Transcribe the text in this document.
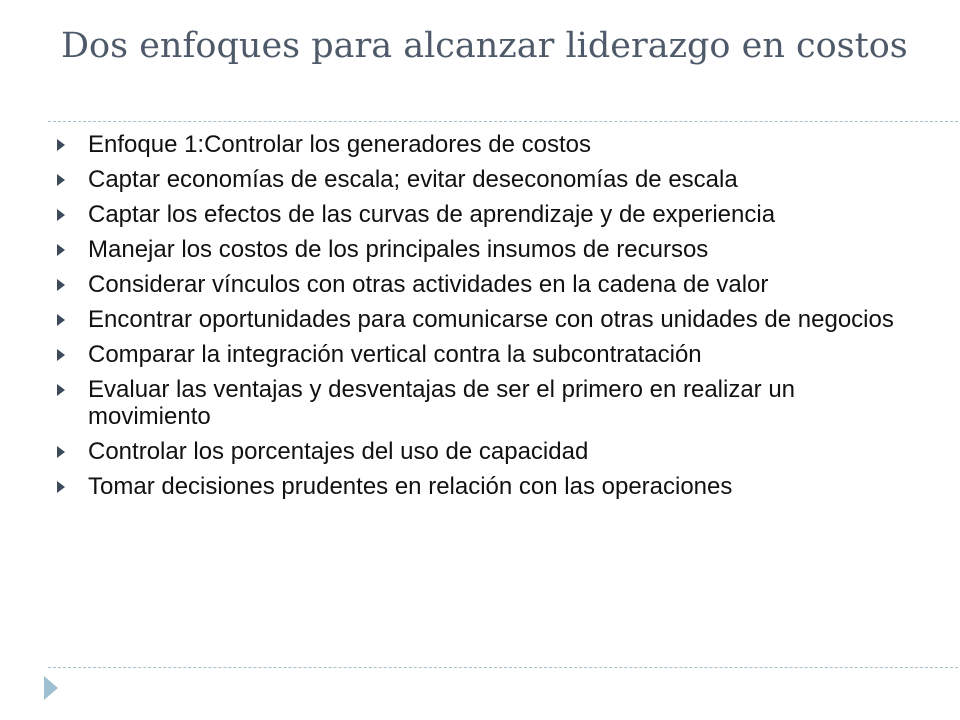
Dos enfoques para alcanzar liderazgo en costos
Enfoque 1:Controlar los generadores de costos
Captar economías de escala; evitar deseconomías de escala
Captar los efectos de las curvas de aprendizaje y de experiencia
Manejar los costos de los principales insumos de recursos
Considerar vínculos con otras actividades en la cadena de valor
Encontrar oportunidades para comunicarse con otras unidades de negocios
Comparar la integración vertical contra la subcontratación
Evaluar las ventajas y desventajas de ser el primero en realizar un movimiento
Controlar los porcentajes del uso de capacidad
Tomar decisiones prudentes en relación con las operaciones
